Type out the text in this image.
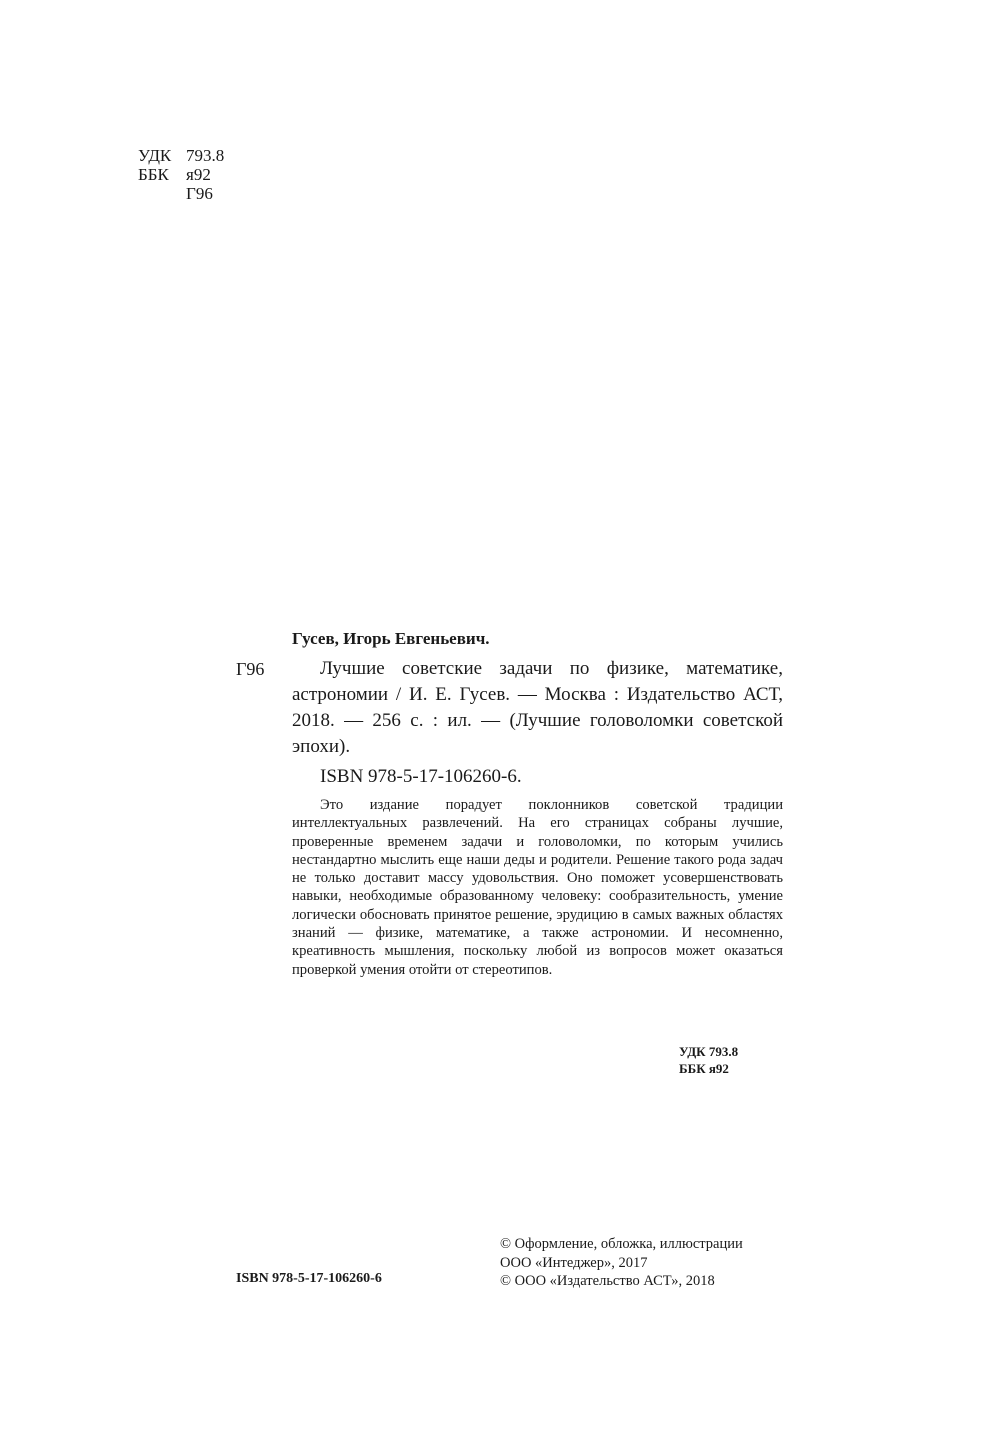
УДК 793.8
ББК	я92
Г96
Гусев, Игорь Евгеньевич.
Г96	Лучшие советские задачи по физике, математике, астрономии / И. Е. Гусев. — Москва : Издательство АСТ, 2018. — 256 с. : ил. — (Лучшие головоломки советской эпохи).
ISBN 978-5-17-106260-6.
Это издание порадует поклонников советской традиции интеллектуальных развлечений. На его страницах собраны лучшие, проверенные временем задачи и головоломки, по которым учились нестандартно мыслить еще наши деды и родители. Решение такого рода задач не только доставит массу удовольствия. Оно поможет усовершенствовать навыки, необходимые образованному человеку: сообразительность, умение логически обосновать принятое решение, эрудицию в самых важных областях знаний — физике, математике, а также астрономии. И несомненно, креативность мышления, поскольку любой из вопросов может оказаться проверкой умения отойти от стереотипов.
УДК 793.8
ББК я92
ISBN 978-5-17-106260-6
© Оформление, обложка, иллюстрации
ООО «Интеджер», 2017
© ООО «Издательство АСТ», 2018
